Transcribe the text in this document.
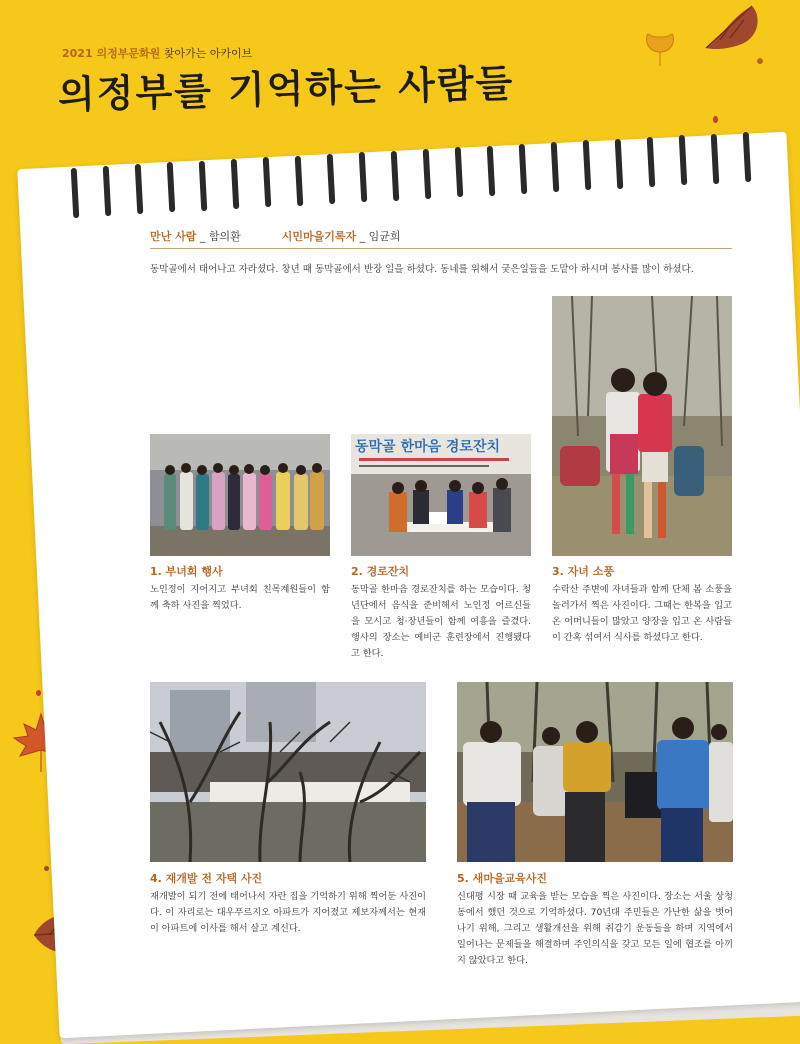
2021 의정부문화원 찾아가는 아카이브
의정부를 기억하는 사람들
만난 사람 _ 함의환	시민마을기록자 _ 임균희
동막골에서 태어나고 자라셨다. 창년 때 동막골에서 반장 일을 하셨다. 동네를 위해서 궂은일들을 도맡아 하시며 봉사를 많이 하셨다.
1. 부녀회 행사
노인정이 지어지고 부녀회 친목계원들이 함께 축하 사진을 찍었다.
동막골 한마음 경로잔치
2. 경로잔치
동막골 한마음 경로잔치를 하는 모습이다. 청년단에서 음식을 준비해서 노인정 어르신들을 모시고 청·장년들이 함께 여흥을 즐겼다. 행사의 장소는 예비군 훈련장에서 진행됐다고 한다.
3. 자녀 소풍
수락산 주변에 자녀들과 함께 단체 봄 소풍을 놀러가서 찍은 사진이다. 그때는 한복을 입고 온 어머니들이 많았고 양장을 입고 온 사람들이 간혹 섞여서 식사를 하셨다고 한다.
4. 재개발 전 자택 사진
재개발이 되기 전에 태어나서 자란 집을 기억하기 위해 찍어둔 사진이다. 이 자리로는 대우푸르지오 아파트가 지어졌고 제보자께서는 현재 이 아파트에 이사를 해서 살고 계신다.
5. 새마을교육사진
신대평 시장 때 교육을 받는 모습을 찍은 사진이다. 장소는 서울 상청동에서 했던 것으로 기억하셨다. 70년대 주민들은 가난한 삶을 벗어나기 위해, 그리고 생활개선을 위해 취감기 운동들을 하며 지역에서 일어나는 문제들을 해결하며 주인의식을 갖고 모든 일에 협조를 아끼지 않았다고 한다.
